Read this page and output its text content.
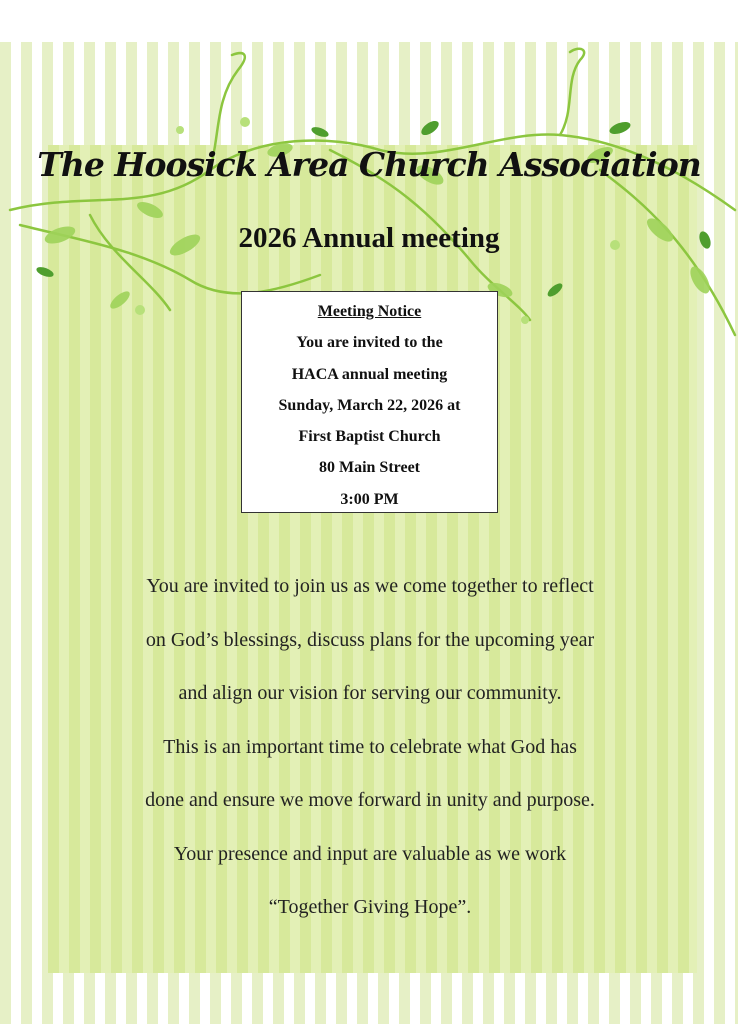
The Hoosick Area Church Association
2026 Annual meeting
Meeting Notice
You are invited to the
HACA annual meeting
Sunday, March 22, 2026 at
First Baptist Church
80 Main Street
3:00 PM
You are invited to join us as we come together to reflect
on God’s blessings, discuss plans for the upcoming year
and align our vision for serving our community.
This is an important time to celebrate what God has
done and ensure we move forward in unity and purpose.
Your presence and input are valuable as we work
“Together Giving Hope”.
